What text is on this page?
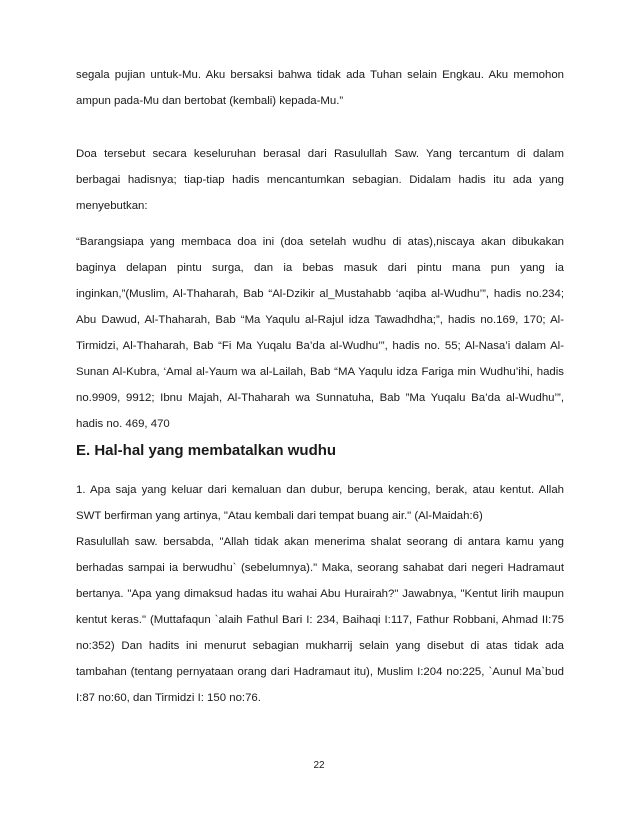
segala pujian untuk-Mu. Aku bersaksi bahwa tidak ada Tuhan selain Engkau. Aku memohon ampun pada-Mu dan bertobat (kembali) kepada-Mu.”

Doa tersebut secara keseluruhan berasal dari Rasulullah Saw. Yang tercantum di dalam berbagai hadisnya; tiap-tiap hadis mencantumkan sebagian. Didalam hadis itu ada yang menyebutkan:

“Barangsiapa yang membaca doa ini (doa setelah wudhu di atas),niscaya akan dibukakan baginya delapan pintu surga, dan ia bebas masuk dari pintu mana pun yang ia inginkan,”(Muslim, Al-Thaharah, Bab “Al-Dzikir al_Mustahabb ‘aqiba al-Wudhu’”, hadis no.234; Abu Dawud, Al-Thaharah, Bab “Ma Yaqulu al-Rajul idza Tawadhdha;”, hadis no.169, 170; Al-Tirmidzi, Al-Thaharah, Bab “Fi Ma Yuqalu Ba’da al-Wudhu’”, hadis no. 55; Al-Nasa’i dalam Al-Sunan Al-Kubra, ‘Amal al-Yaum wa al-Lailah, Bab “MA Yaqulu idza Fariga min Wudhu’ihi, hadis no.9909, 9912; Ibnu Majah, Al-Thaharah wa Sunnatuha, Bab ”Ma Yuqalu Ba’da al-Wudhu’”, hadis no. 469, 470

E. Hal-hal yang membatalkan wudhu

1. Apa saja yang keluar dari kemaluan dan dubur, berupa kencing, berak, atau kentut. Allah SWT berfirman yang artinya, "Atau kembali dari tempat buang air." (Al-Maidah:6)

Rasulullah saw. bersabda, "Allah tidak akan menerima shalat seorang di antara kamu yang berhadas sampai ia berwudhu` (sebelumnya)." Maka, seorang sahabat dari negeri Hadramaut bertanya. "Apa yang dimaksud hadas itu wahai Abu Hurairah?" Jawabnya, "Kentut lirih maupun kentut keras." (Muttafaqun `alaih Fathul Bari I: 234, Baihaqi I:117, Fathur Robbani, Ahmad II:75 no:352) Dan hadits ini menurut sebagian mukharrij selain yang disebut di atas tidak ada tambahan (tentang pernyataan orang dari Hadramaut itu), Muslim I:204 no:225, `Aunul Ma`bud I:87 no:60, dan Tirmidzi I: 150 no:76.

22
